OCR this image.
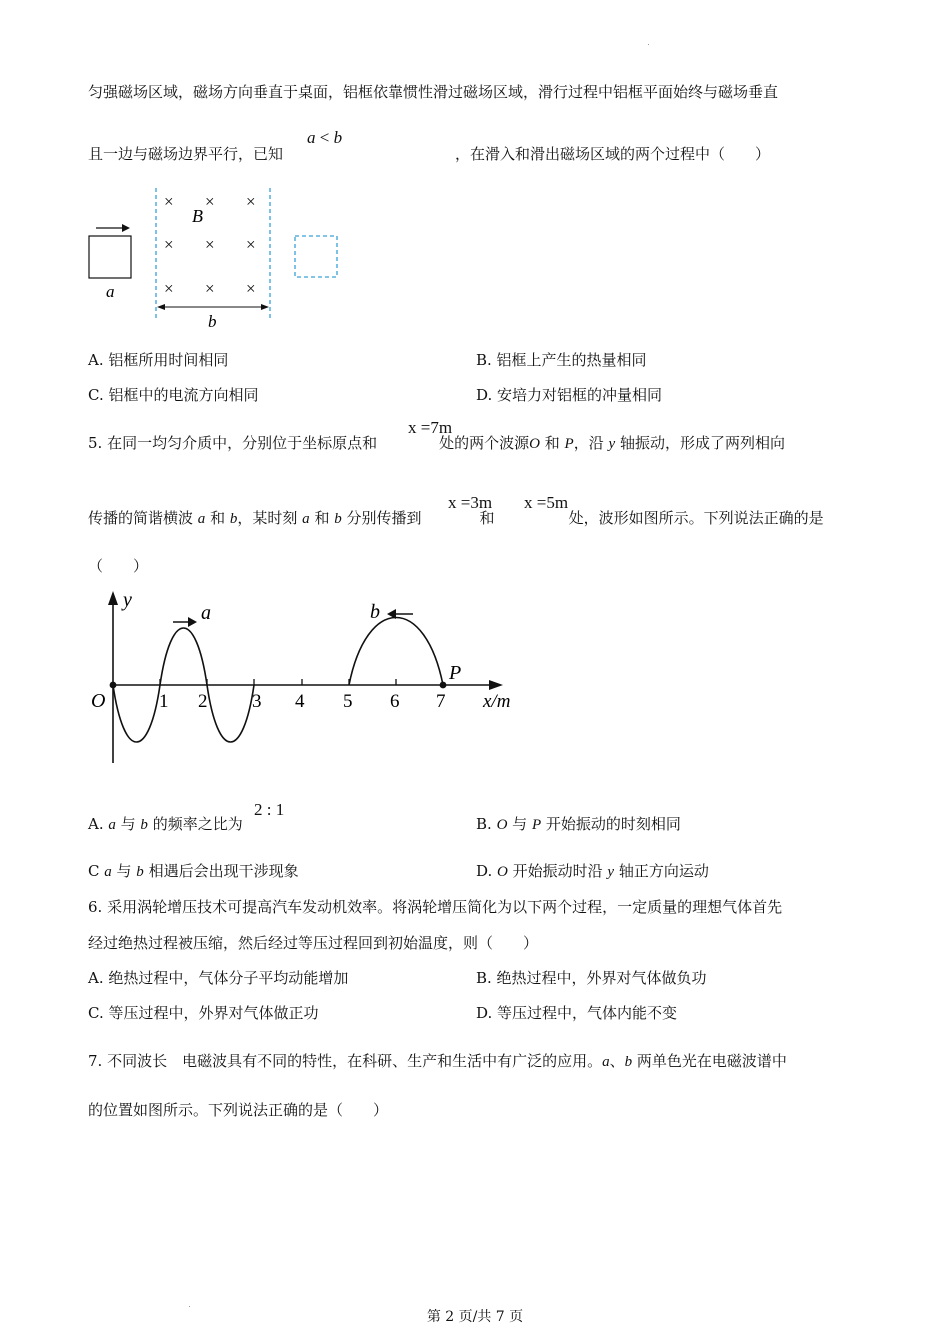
匀强磁场区域，磁场方向垂直于桌面，铝框依靠惯性滑过磁场区域，滑行过程中铝框平面始终与磁场垂直
且一边与磁场边界平行，已知	，在滑入和滑出磁场区域的两个过程中（　　）
a < b
a
× × ×
× × ×
× × ×
B
b
A. 铝框所用时间相同	B. 铝框上产生的热量相同
C. 铝框中的电流方向相同	D. 安培力对铝框的冲量相同
5. 在同一均匀介质中，分别位于坐标原点和	处的两个波源O 和 P，沿 y 轴振动，形成了两列相向
x =7m
传播的简谐横波 a 和 b，某时刻 a 和 b 分别传播到	和	处，波形如图所示。下列说法正确的是
x =3m x =5m
（　　）
y
x/m
1 2 3 4 5 6 7
O
P
a	b
A. a 与 b 的频率之比为
2 : 1
B. O 与 P 开始振动的时刻相同
C a 与 b 相遇后会出现干涉现象	D. O 开始振动时沿 y 轴正方向运动
6. 采用涡轮增压技术可提高汽车发动机效率。将涡轮增压简化为以下两个过程，一定质量的理想气体首先
经过绝热过程被压缩，然后经过等压过程回到初始温度，则（　　）
A. 绝热过程中，气体分子平均动能增加	B. 绝热过程中，外界对气体做负功
C. 等压过程中，外界对气体做正功	D. 等压过程中，气体内能不变
7. 不同波长　电磁波具有不同的特性，在科研、生产和生活中有广泛的应用。a、b 两单色光在电磁波谱中
的位置如图所示。下列说法正确的是（　　）
第 2 页/共 7 页
